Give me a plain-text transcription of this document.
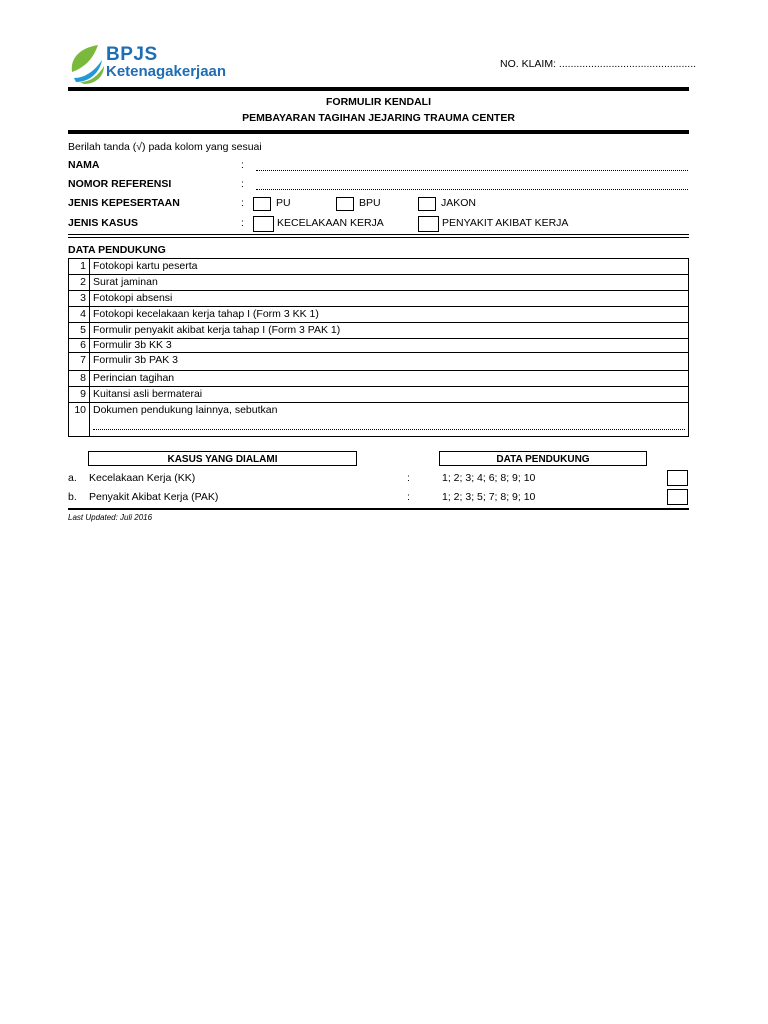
BPJS
Ketenagakerjaan	NO. KLAIM: ...............................................
FORMULIR KENDALI
PEMBAYARAN TAGIHAN JEJARING TRAUMA CENTER
Berilah tanda (√) pada kolom yang sesuai
NAMA	:
NOMOR REFERENSI	:
JENIS KEPESERTAAN	:	PU	BPU	JAKON
JENIS KASUS	:	KECELAKAAN KERJA	PENYAKIT AKIBAT KERJA
DATA PENDUKUNG
1	Fotokopi kartu peserta
2	Surat jaminan
3	Fotokopi absensi
4	Fotokopi kecelakaan kerja tahap I (Form 3 KK 1)
5	Formulir penyakit akibat kerja tahap I (Form 3 PAK 1)
6	Formulir 3b KK 3
7	Formulir 3b PAK 3
8	Perincian tagihan
9	Kuitansi asli bermaterai
10	Dokumen pendukung lainnya, sebutkan
KASUS YANG DIALAMI	DATA PENDUKUNG
a. Kecelakaan Kerja (KK)	:	1; 2; 3; 4; 6; 8; 9; 10
b. Penyakit Akibat Kerja (PAK)	:	1; 2; 3; 5; 7; 8; 9; 10
Last Updated: Juli 2016
